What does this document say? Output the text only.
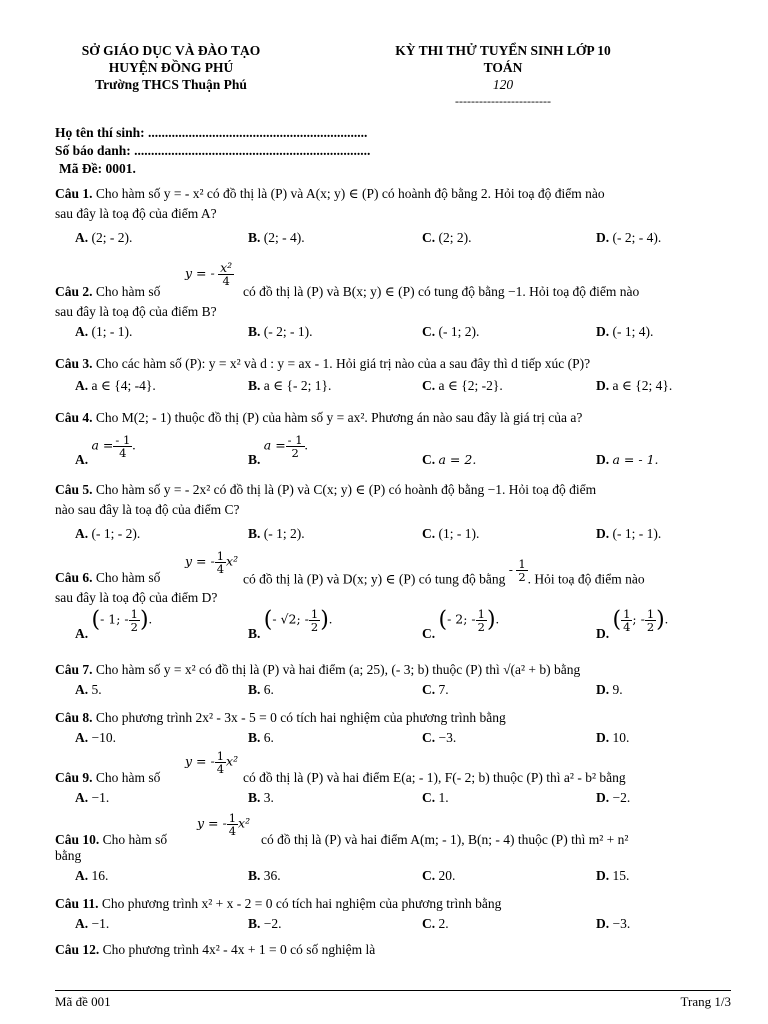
SỞ GIÁO DỤC VÀ ĐÀO TẠO
HUYỆN ĐỒNG PHÚ
Trường THCS Thuận Phú
KỲ THI THỬ TUYỂN SINH LỚP 10
TOÁN
120
------------------------
Họ tên thí sinh: .................................................................
Số báo danh: ......................................................................
Mã Đề: 0001.
Câu 1. Cho hàm số y = - x² có đồ thị là (P) và A(x; y) ∈ (P) có hoành độ bằng 2. Hỏi toạ độ điểm nào
sau đây là toạ độ của điểm A?
A. (2; - 2).	B. (2; - 4).	C. (2; 2).	D. (- 2; - 4).
Câu 2. Cho hàm số
y = - $\frac{\text{x²}}{4}$
có đồ thị là (P) và B(x; y) ∈ (P) có tung độ bằng −1. Hỏi toạ độ điểm nào
sau đây là toạ độ của điểm B?
A. (1; - 1).	B. (- 2; - 1).	C. (- 1; 2).	D. (- 1; 4).
Câu 3. Cho các hàm số (P): y = x² và d : y = ax - 1. Hỏi giá trị nào của a sau đây thì d tiếp xúc (P)?
A. a ∈ {4; -4}.	B. a ∈ {- 2; 1}.	C. a ∈ {2; -2}.	D. a ∈ {2; 4}.
Câu 4. Cho M(2; - 1) thuộc đồ thị (P) của hàm số y = ax². Phương án nào sau đây là giá trị của a?
A. $a = \frac{- 1}{4}$ .
B. $a = \frac{- 1}{2}$ .
C. a = 2.	D. a = - 1.
Câu 5. Cho hàm số y = - 2x² có đồ thị là (P) và C(x; y) ∈ (P) có hoành độ bằng −1. Hỏi toạ độ điểm
nào sau đây là toạ độ của điểm C?
A. (- 1; - 2).	B. (- 1; 2).	C. (1; - 1).	D. (- 1; - 1).
Câu 6. Cho hàm số
y = - $\frac{1}{4} x^2$
có đồ thị là (P) và D(x; y) ∈ (P) có tung độ bằng - $\frac{1}{2}$ . Hỏi toạ độ điểm nào
sau đây là toạ độ của điểm D?
A. (- 1; - $\frac{1}{2}$ ).
B. (- √2; - $\frac{1}{2}$ ).
C. (- 2; - $\frac{1}{2}$ ).
D. ( $\frac{1}{4}$ ; - $\frac{1}{2}$ ).
Câu 7. Cho hàm số y = x² có đồ thị là (P) và hai điểm (a; 25), (- 3; b) thuộc (P) thì √(a² + b) bằng
A. 5.	B. 6.	C. 7.	D. 9.
Câu 8. Cho phương trình 2x² - 3x - 5 = 0 có tích hai nghiệm của phương trình bằng
A. −10.	B. 6.	C. −3.	D. 10.
Câu 9. Cho hàm số
y = - $\frac{1}{4} x^2$
có đồ thị là (P) và hai điểm E(a; - 1), F(- 2; b) thuộc (P) thì a² - b² bằng
A. −1.	B. 3.	C. 1.	D. −2.
Câu 10. Cho hàm số
y = - $\frac{1}{4} x^2$
có đồ thị là (P) và hai điểm A(m; - 1), B(n; - 4) thuộc (P) thì m² + n²
bằng
A. 16.	B. 36.	C. 20.	D. 15.
Câu 11. Cho phương trình x² + x - 2 = 0 có tích hai nghiệm của phương trình bằng
A. −1.	B. −2.	C. 2.	D. −3.
Câu 12. Cho phương trình 4x² - 4x + 1 = 0 có số nghiệm là
Mã đề 001	Trang 1/3
